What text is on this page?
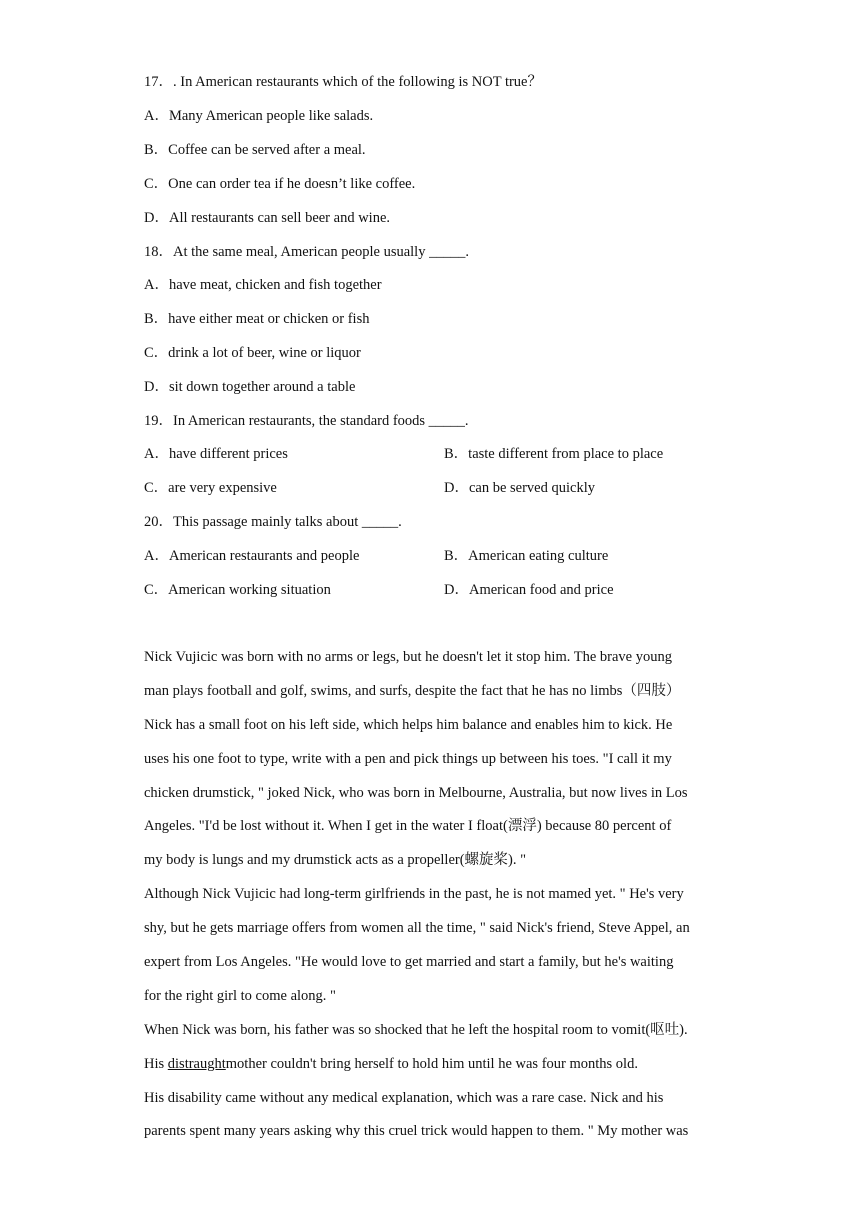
17．. In American restaurants which of the following is NOT true？
A．Many American people like salads.
B．Coffee can be served after a meal.
C．One can order tea if he doesn’t like coffee.
D．All restaurants can sell beer and wine.
18．At the same meal, American people usually _____.
A．have meat, chicken and fish together
B．have either meat or chicken or fish
C．drink a lot of beer, wine or liquor
D．sit down together around a table
19．In American restaurants, the standard foods _____.
A．have different prices	B．taste different from place to place
C．are very expensive	D．can be served quickly
20．This passage mainly talks about _____.
A．American restaurants and people	B．American eating culture
C．American working situation	D．American food and price
Nick Vujicic was born with no arms or legs, but he doesn't let it stop him. The brave young
man plays football and golf, swims, and surfs, despite the fact that he has no limbs（四肢）
Nick has a small foot on his left side, which helps him balance and enables him to kick. He
uses his one foot to type, write with a pen and pick things up between his toes. "I call it my
chicken drumstick, " joked Nick, who was born in Melbourne, Australia, but now lives in Los
Angeles. "I'd be lost without it. When I get in the water I float(漂浮) because 80 percent of
my body is lungs and my drumstick acts as a propeller(螺旋桨). "
Although Nick Vujicic had long-term girlfriends in the past, he is not mamed yet. " He's very
shy, but he gets marriage offers from women all the time, " said Nick's friend, Steve Appel, an
expert from Los Angeles. "He would love to get married and start a family, but he's waiting
for the right girl to come along. "
When Nick was born, his father was so shocked that he left the hospital room to vomit(呕吐).
His distraughtmother couldn't bring herself to hold him until he was four months old.
His disability came without any medical explanation, which was a rare case. Nick and his
parents spent many years asking why this cruel trick would happen to them. " My mother was
